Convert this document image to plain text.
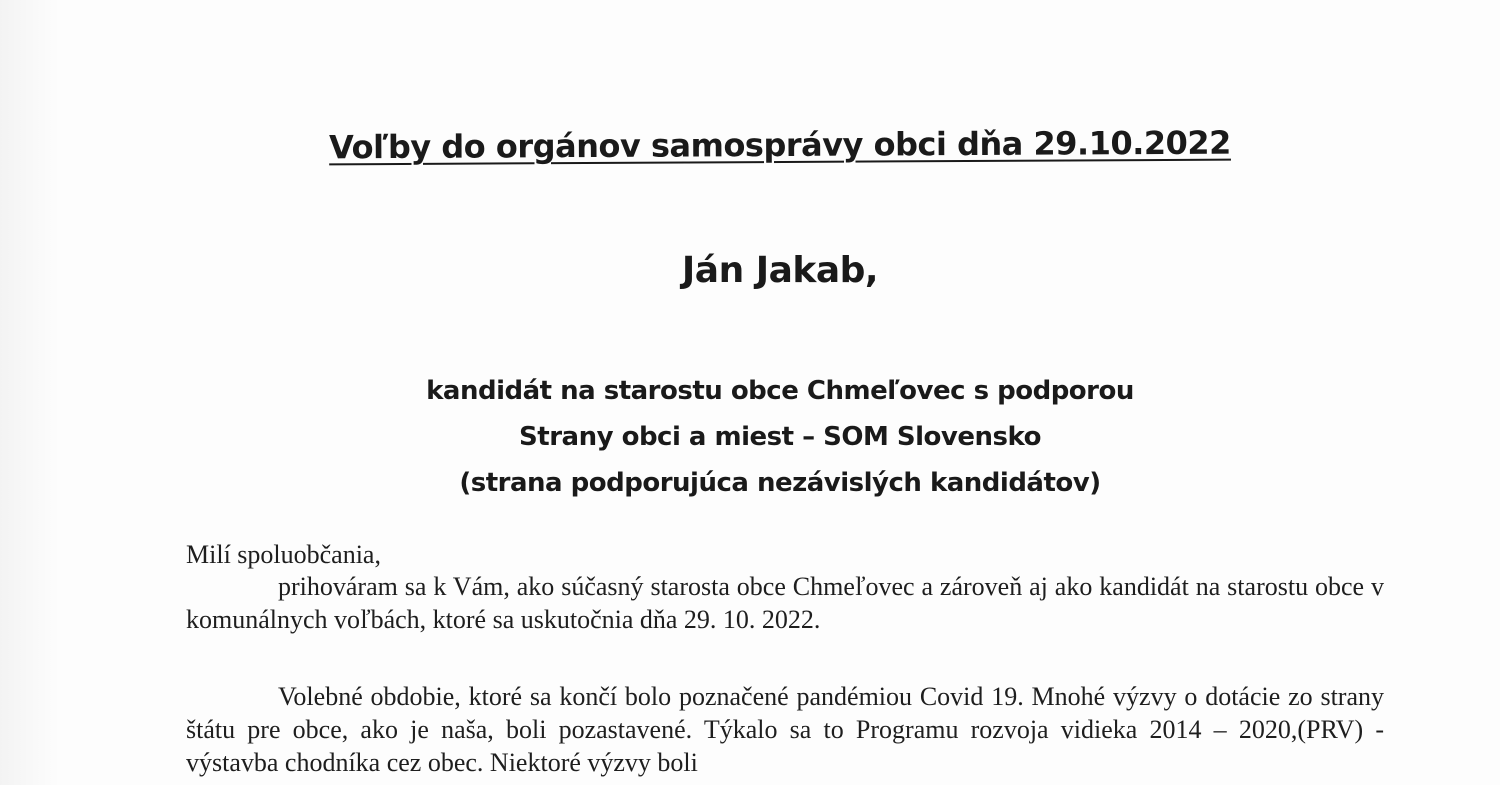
Voľby do orgánov samosprávy obci dňa 29.10.2022
Ján Jakab,
kandidát na starostu obce Chmeľovec s podporou
Strany obci a miest – SOM Slovensko
(strana podporujúca nezávislých kandidátov)

Milí spoluobčania,

prihováram sa k Vám, ako súčasný starosta obce Chmeľovec a zároveň aj ako kandidát na starostu obce v komunálnych voľbách, ktoré sa uskutočnia dňa 29. 10. 2022.

Volebné obdobie, ktoré sa končí bolo poznačené pandémiou Covid 19. Mnohé výzvy o dotácie zo strany štátu pre obce, ako je naša, boli pozastavené. Týkalo sa to Programu rozvoja vidieka 2014 – 2020,(PRV) - výstavba chodníka cez obec. Niektoré výzvy boli
